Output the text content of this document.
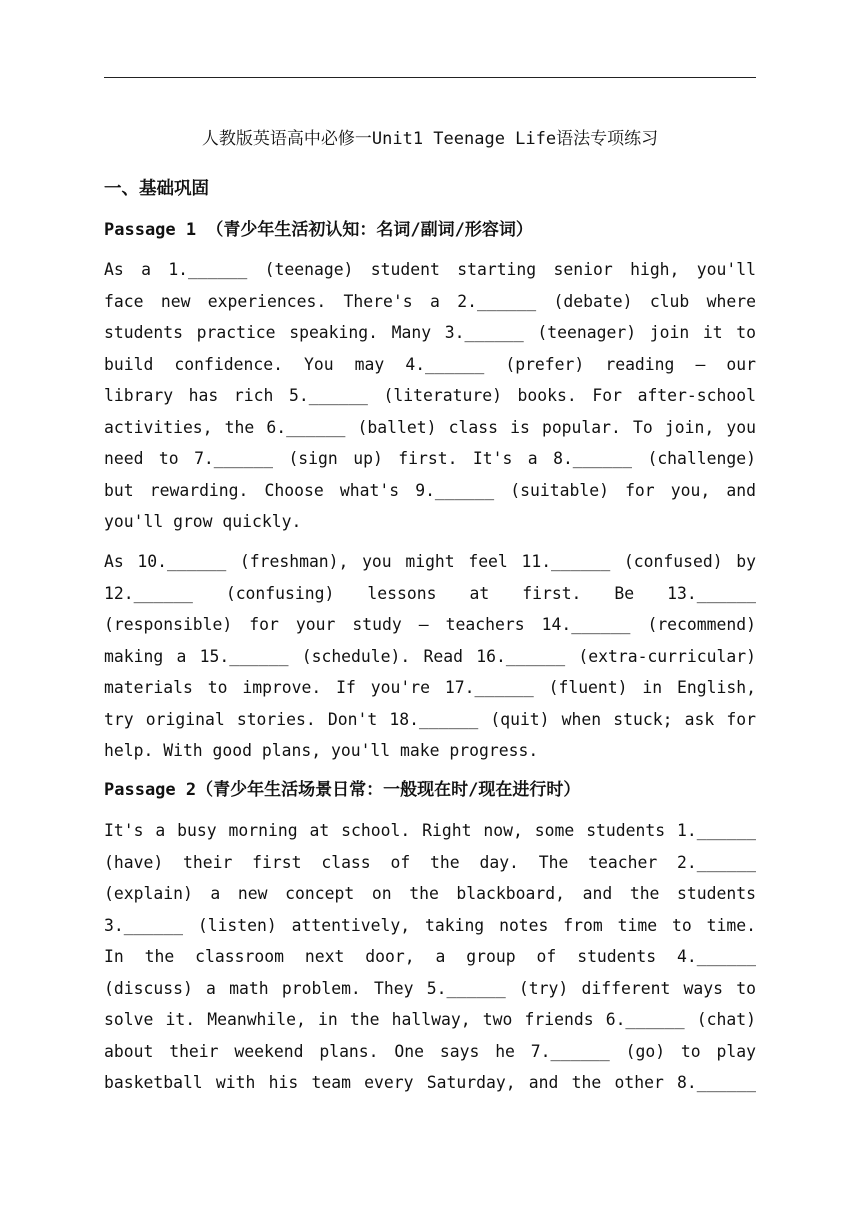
人教版英语高中必修一Unit1 Teenage Life语法专项练习
一、基础巩固
Passage 1 （青少年生活初认知：名词/副词/形容词）
As a 1.______ (teenage) student starting senior high, you'll
face new experiences. There's a 2.______ (debate) club where
students practice speaking. Many 3.______ (teenager) join it to
build confidence. You may 4.______ (prefer) reading — our
library has rich 5.______ (literature) books. For after-school
activities, the 6.______ (ballet) class is popular. To join, you
need to 7.______ (sign up) first. It's a 8.______ (challenge)
but rewarding. Choose what's 9.______ (suitable) for you, and
you'll grow quickly.
As 10.______ (freshman), you might feel 11.______ (confused) by
12.______ (confusing) lessons at first. Be 13.______
(responsible) for your study — teachers 14.______ (recommend)
making a 15.______ (schedule). Read 16.______ (extra-curricular)
materials to improve. If you're 17.______ (fluent) in English,
try original stories. Don't 18.______ (quit) when stuck; ask for
help. With good plans, you'll make progress.
Passage 2（青少年生活场景日常：一般现在时/现在进行时）
It's a busy morning at school. Right now, some students 1.______
(have) their first class of the day. The teacher 2.______
(explain) a new concept on the blackboard, and the students
3.______ (listen) attentively, taking notes from time to time.
In the classroom next door, a group of students 4.______
(discuss) a math problem. They 5.______ (try) different ways to
solve it. Meanwhile, in the hallway, two friends 6.______ (chat)
about their weekend plans. One says he 7.______ (go) to play
basketball with his team every Saturday, and the other 8.______
